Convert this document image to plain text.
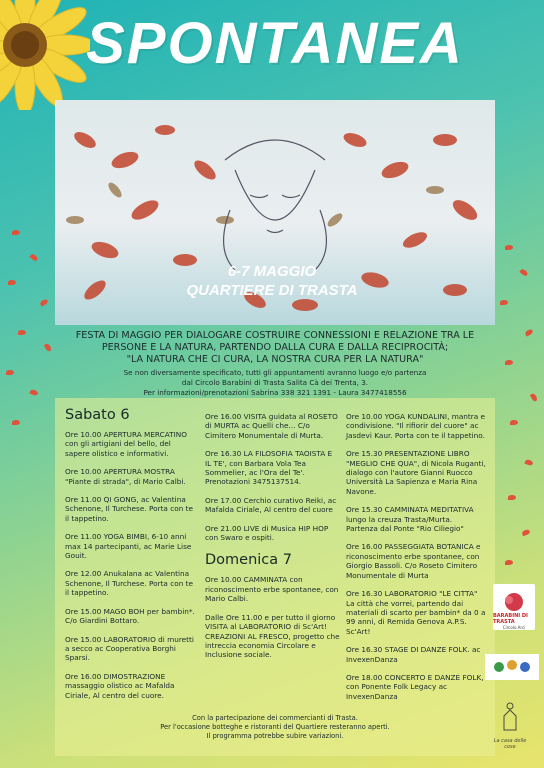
SPONTANEA
6-7 MAGGIO
QUARTIERE DI TRASTA
FESTA DI MAGGIO PER DIALOGARE COSTRUIRE CONNESSIONI E RELAZIONE TRA LE PERSONE E LA NATURA, PARTENDO DALLA CURA E DALLA RECIPROCITÀ;
"LA NATURA CHE CI CURA, LA NOSTRA CURA PER LA NATURA"
Se non diversamente specificato, tutti gli appuntamenti avranno luogo e/o partenza
dal Circolo Barabini di Trasta Salita Cà dei Trenta, 3.
Per informazioni/prenotazioni Sabrina 338 321 1391 - Laura 3477418556
Sabato 6
Ore 10.00 APERTURA MERCATINO con gli artigiani del bello, del sapere olistico e informativi.
Ore 10.00 APERTURA MOSTRA "Piante di strada", di Mario Calbi.
Ore 11.00 QI GONG, ac Valentina Schenone, Il Turchese. Porta con te il tappetino.
Ore 11.00 YOGA BIMBI, 6-10 anni max 14 partecipanti, ac Marie Lise Gouit.
Ore 12.00 Anukalana ac Valentina Schenone, Il Turchese. Porta con te il tappetino.
Ore 15.00 MAGO BOH per bambin*. C/o Giardini Bottaro.
Ore 15.00 LABORATORIO di muretti a secco ac Cooperativa Borghi Sparsi.
Ore 16.00 DIMOSTRAZIONE massaggio olistico ac Mafalda Ciriale, Al centro del cuore.
Ore 16.00 VISITA guidata al ROSETO di MURTA ac Quelli che... C/o Cimitero Monumentale di Murta.
Ore 16.30 LA FILOSOFIA TAOISTA E IL TE', con Barbara Vola Tea Sommelier, ac l'Ora del Te'. Prenotazioni 3475137514.
Ore 17.00 Cerchio curativo Reiki, ac Mafalda Ciriale, Al centro del cuore
Ore 21.00 LIVE di Musica HIP HOP con Swaro e ospiti.
Domenica 7
Ore 10.00 CAMMINATA con riconoscimento erbe spontanee, con Mario Calbi.
Dalle Ore 11.00 e per tutto il giorno VISITA al LABORATORIO di Sc'Art! CREAZIONI AL FRESCO, progetto che intreccia economia Circolare e Inclusione sociale.
Ore 10.00 YOGA KUNDALINI, mantra e condivisione. "Il rifiorir del cuore" ac Jasdevi Kaur. Porta con te il tappetino.
Ore 15.30 PRESENTAZIONE LIBRO "MEGLIO CHE QUA", di Nicola Ruganti, dialogo con l'autore Gianni Ruocco Università La Sapienza e Maria Rina Navone.
Ore 15.30 CAMMINATA MEDITATIVA lungo la creuza Trasta/Murta. Partenza dal Ponte "Rio Ciliegio"
Ore 16.00 PASSEGGIATA BOTANICA e riconoscimento erbe spontanee, con Giorgio Bassoli. C/o Roseto Cimitero Monumentale di Murta
Ore 16.30 LABORATORIO "LE CITTA" La città che vorrei, partendo dai materiali di scarto per bambin* da 0 a 99 anni, di Remida Genova A.P.S. Sc'Art!
Ore 16.30 STAGE DI DANZE FOLK. ac InvexenDanza
Ore 18.00 CONCERTO E DANZE FOLK, con Ponente Folk Legacy ac InvexenDanza
Con la partecipazione dei commercianti di Trasta.
Per l'occasione botteghe e ristoranti del Quartiere resteranno aperti.
Il programma potrebbe subire variazioni.
BARABINI DI TRASTA
Circolo Arci
La casa delle cose
